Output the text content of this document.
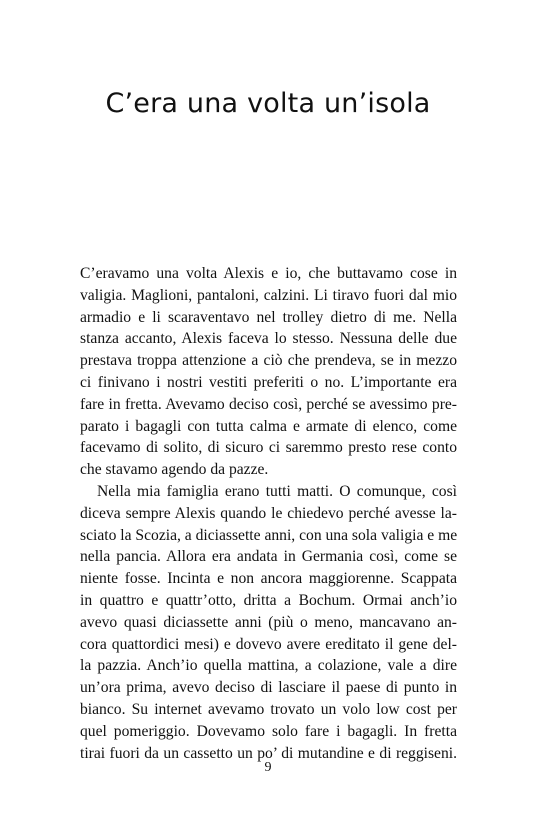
C’era una volta un’isola

C’eravamo una volta Alexis e io, che buttavamo cose in
valigia. Maglioni, pantaloni, calzini. Li tiravo fuori dal mio
armadio e li scaraventavo nel trolley dietro di me. Nella
stanza accanto, Alexis faceva lo stesso. Nessuna delle due
prestava troppa attenzione a ciò che prendeva, se in mezzo
ci finivano i nostri vestiti preferiti o no. L’importante era
fare in fretta. Avevamo deciso così, perché se avessimo pre-
parato i bagagli con tutta calma e armate di elenco, come
facevamo di solito, di sicuro ci saremmo presto rese conto
che stavamo agendo da pazze.

Nella mia famiglia erano tutti matti. O comunque, così
diceva sempre Alexis quando le chiedevo perché avesse la-
sciato la Scozia, a diciassette anni, con una sola valigia e me
nella pancia. Allora era andata in Germania così, come se
niente fosse. Incinta e non ancora maggiorenne. Scappata
in quattro e quattr’otto, dritta a Bochum. Ormai anch’io
avevo quasi diciassette anni (più o meno, mancavano an-
cora quattordici mesi) e dovevo avere ereditato il gene del-
la pazzia. Anch’io quella mattina, a colazione, vale a dire
un’ora prima, avevo deciso di lasciare il paese di punto in
bianco. Su internet avevamo trovato un volo low cost per
quel pomeriggio. Dovevamo solo fare i bagagli. In fretta
tirai fuori da un cassetto un po’ di mutandine e di reggiseni.

9
